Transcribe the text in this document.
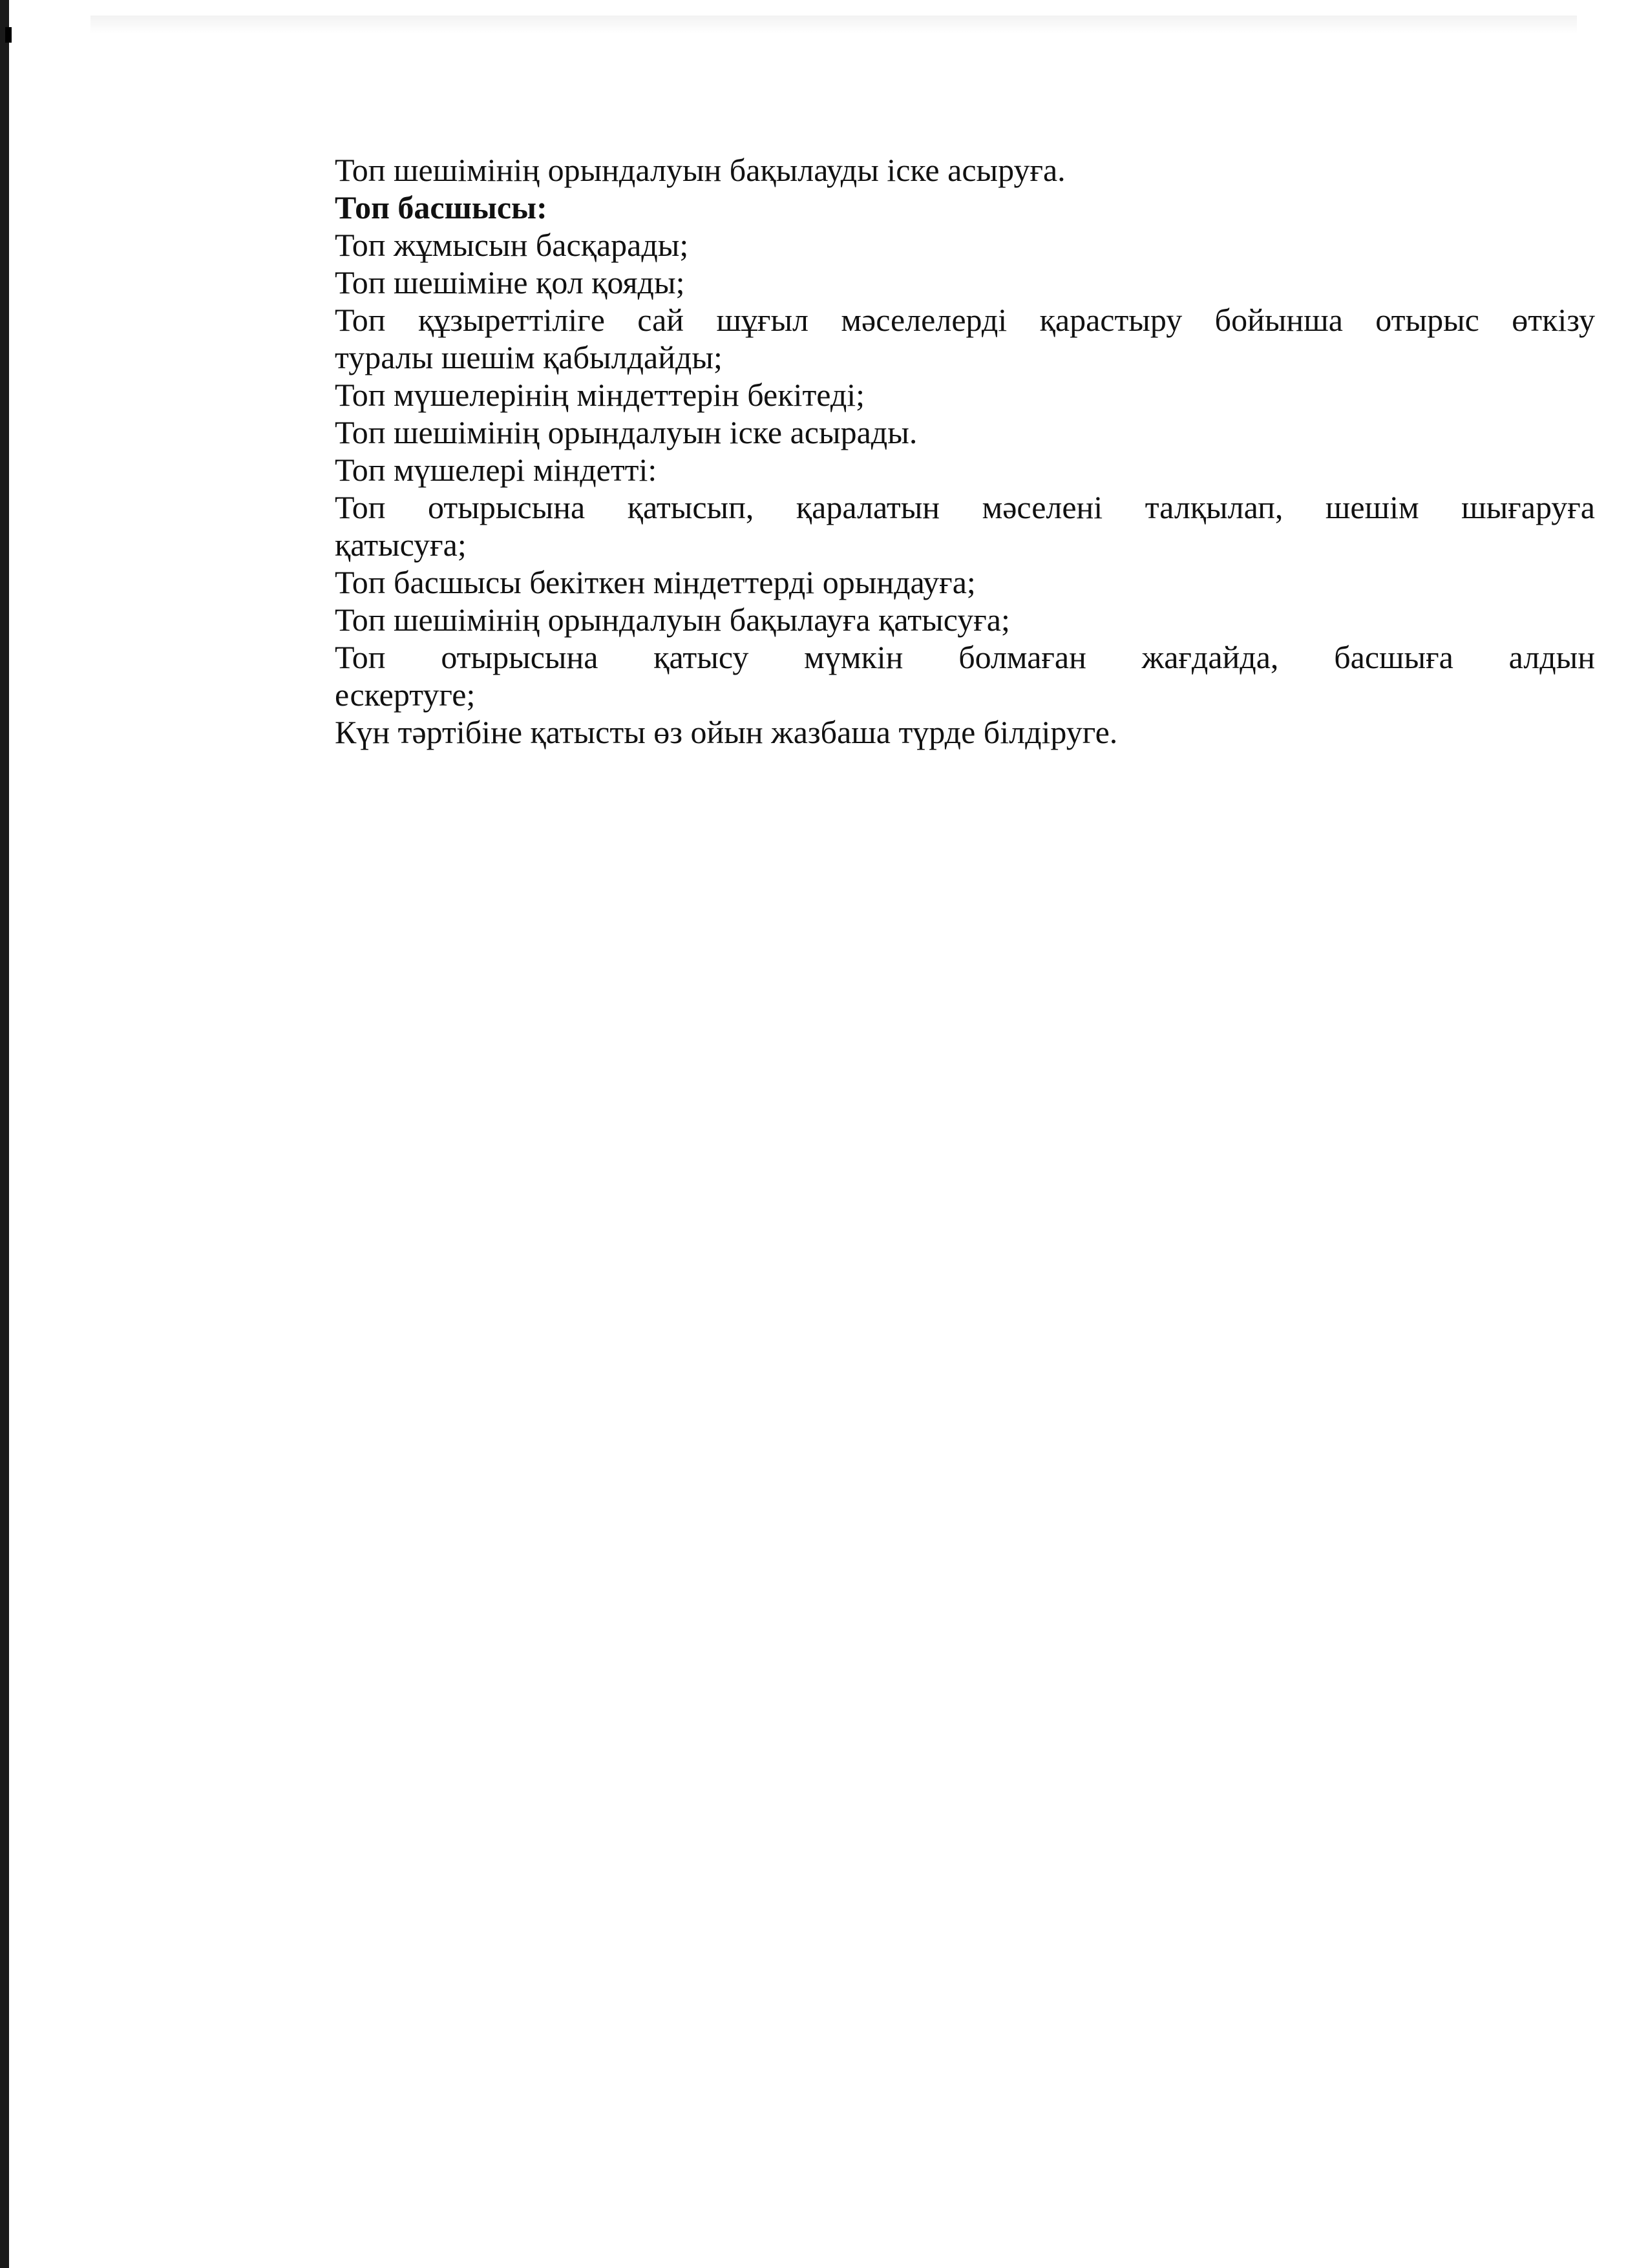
Топ шешімінің орындалуын бақылауды іске асыруға.

Топ басшысы:

Топ жұмысын басқарады;

Топ шешіміне қол қояды;

Топ құзыреттілігe сай шұғыл мәселелерді қарастыру бойынша отырыс өткізу

туралы шешім қабылдайды;

Топ мүшелерінің міндеттерін бекітеді;

Топ шешімінің орындалуын іске асырады.

Топ мүшелері міндетті:

Топ отырысына қатысып, қаралатын мәселені талқылап, шешім шығаруға

қатысуға;

Топ басшысы бекіткен міндеттерді орындауға;

Топ шешімінің орындалуын бақылауға қатысуға;

Топ отырысына қатысу мүмкін болмаған жағдайда, басшыға алдын

ескертуге;

Күн тәртібіне қатысты өз ойын жазбаша түрде білдіруге.
